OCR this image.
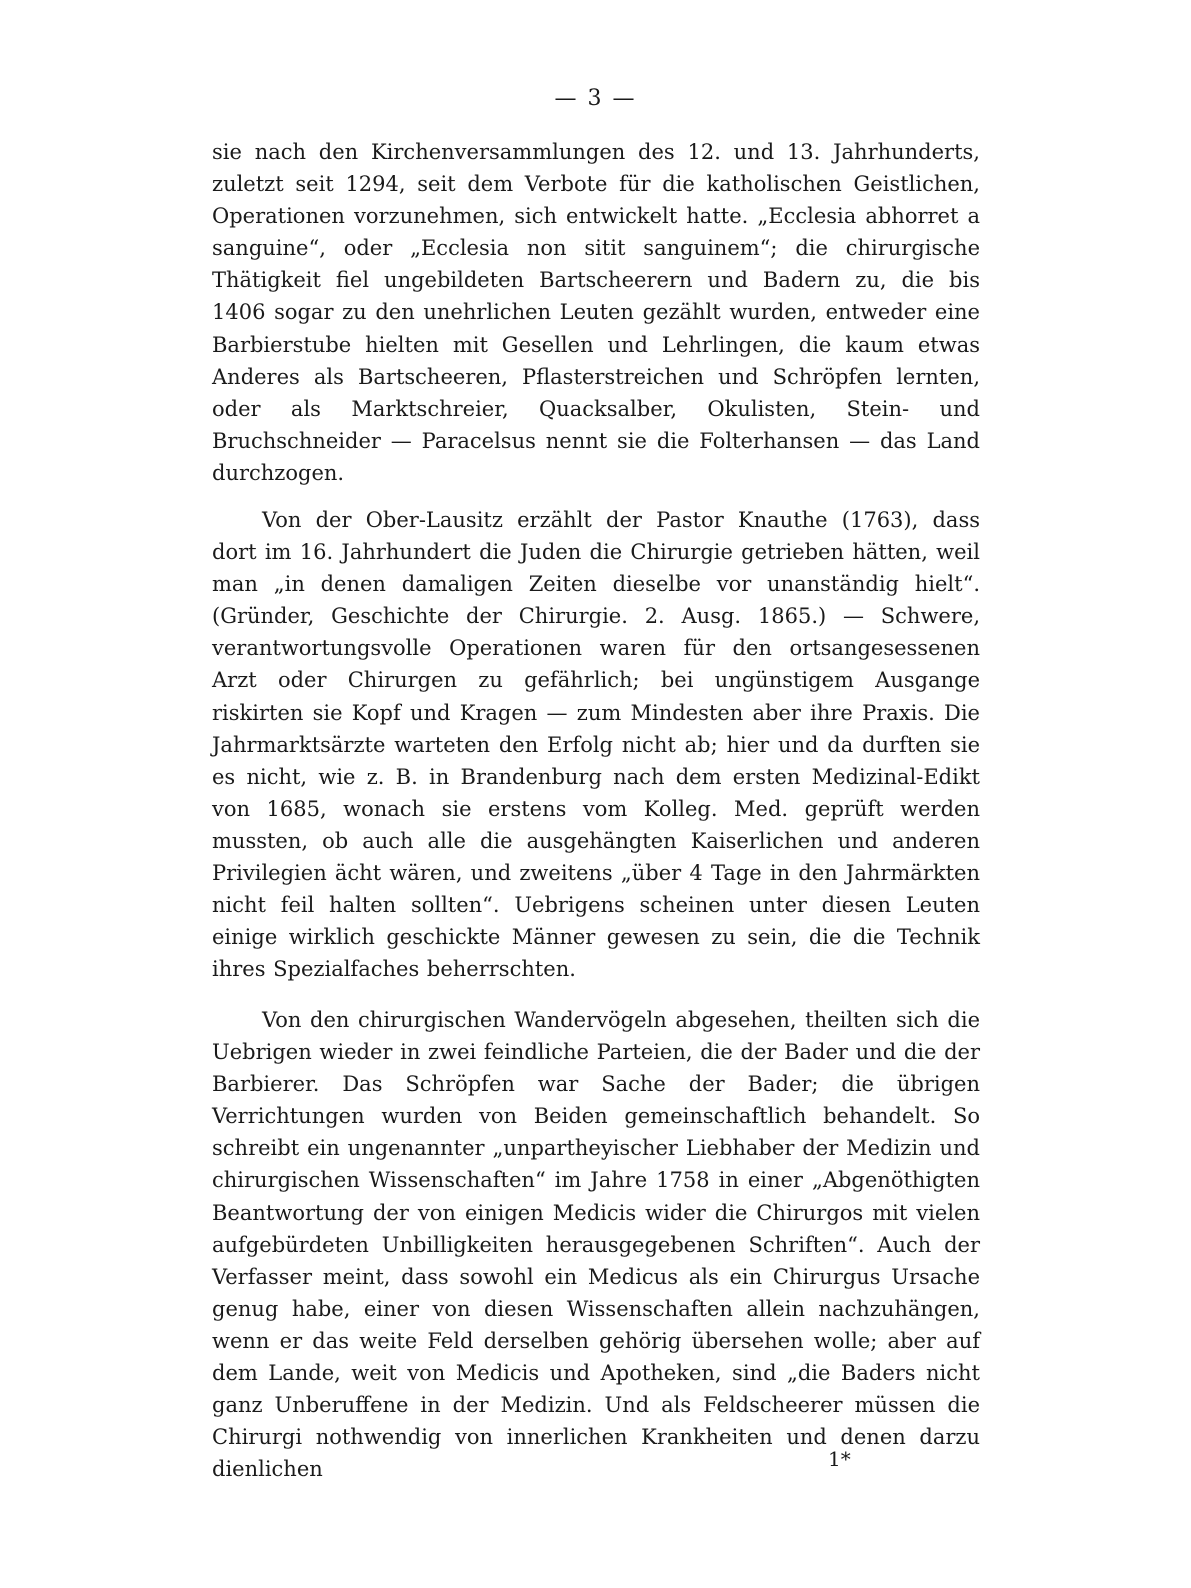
— 3 —
sie nach den Kirchenversammlungen des 12. und 13. Jahrhunderts, zuletzt seit 1294, seit dem Verbote für die katholischen Geistlichen, Operationen vorzunehmen, sich entwickelt hatte. „Ecclesia abhorret a sanguine“, oder „Ecclesia non sitit sanguinem“; die chirurgische Thätigkeit fiel ungebildeten Bartscheerern und Badern zu, die bis 1406 sogar zu den unehrlichen Leuten gezählt wurden, entweder eine Barbierstube hielten mit Gesellen und Lehrlingen, die kaum etwas Anderes als Bartscheeren, Pflasterstreichen und Schröpfen lernten, oder als Marktschreier, Quacksalber, Okulisten, Stein- und Bruchschneider — Paracelsus nennt sie die Folterhansen — das Land durchzogen.
Von der Ober-Lausitz erzählt der Pastor Knauthe (1763), dass dort im 16. Jahrhundert die Juden die Chirurgie getrieben hätten, weil man „in denen damaligen Zeiten dieselbe vor unanständig hielt“. (Gründer, Geschichte der Chirurgie. 2. Ausg. 1865.) — Schwere, verantwortungsvolle Operationen waren für den ortsangesessenen Arzt oder Chirurgen zu gefährlich; bei ungünstigem Ausgange riskirten sie Kopf und Kragen — zum Mindesten aber ihre Praxis. Die Jahrmarktsärzte warteten den Erfolg nicht ab; hier und da durften sie es nicht, wie z. B. in Brandenburg nach dem ersten Medizinal-Edikt von 1685, wonach sie erstens vom Kolleg. Med. geprüft werden mussten, ob auch alle die ausgehängten Kaiserlichen und anderen Privilegien ächt wären, und zweitens „über 4 Tage in den Jahrmärkten nicht feil halten sollten“. Uebrigens scheinen unter diesen Leuten einige wirklich geschickte Männer gewesen zu sein, die die Technik ihres Spezialfaches beherrschten.
Von den chirurgischen Wandervögeln abgesehen, theilten sich die Uebrigen wieder in zwei feindliche Parteien, die der Bader und die der Barbierer. Das Schröpfen war Sache der Bader; die übrigen Verrichtungen wurden von Beiden gemeinschaftlich behandelt. So schreibt ein ungenannter „unpartheyischer Liebhaber der Medizin und chirurgischen Wissenschaften“ im Jahre 1758 in einer „Abgenöthigten Beantwortung der von einigen Medicis wider die Chirurgos mit vielen aufgebürdeten Unbilligkeiten herausgegebenen Schriften“. Auch der Verfasser meint, dass sowohl ein Medicus als ein Chirurgus Ursache genug habe, einer von diesen Wissenschaften allein nachzuhängen, wenn er das weite Feld derselben gehörig übersehen wolle; aber auf dem Lande, weit von Medicis und Apotheken, sind „die Baders nicht ganz Unberuffene in der Medizin. Und als Feldscheerer müssen die Chirurgi nothwendig von innerlichen Krankheiten und denen darzu dienlichen	1*
